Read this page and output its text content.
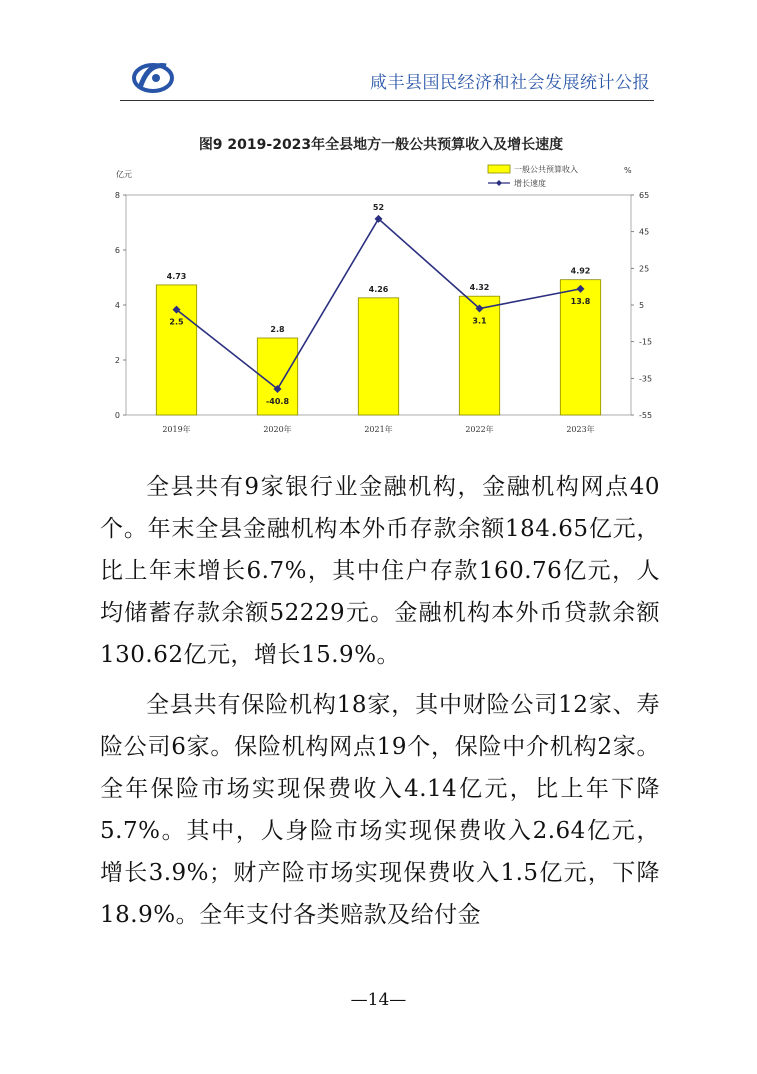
咸丰县国民经济和社会发展统计公报
图9 2019-2023年全县地方一般公共预算收入及增长速度
亿元	%
一般公共预算收入
增长速度
0
2
4
6
8
-55
-35
-15
5
25
45
65
4.73
2019年
2.8
2020年
4.26
2021年
4.32
2022年
4.92
2023年
2.5
-40.8
52
3.1
13.8

全县共有9家银行业金融机构，金融机构网点40个。年末全县金融机构本外币存款余额184.65亿元，比上年末增长6.7%，其中住户存款160.76亿元，人均储蓄存款余额52229元。金融机构本外币贷款余额130.62亿元，增长15.9%。

全县共有保险机构18家，其中财险公司12家、寿险公司6家。保险机构网点19个，保险中介机构2家。全年保险市场实现保费收入4.14亿元，比上年下降5.7%。其中，人身险市场实现保费收入2.64亿元，增长3.9%；财产险市场实现保费收入1.5亿元，下降18.9%。全年支付各类赔款及给付金

—14—
